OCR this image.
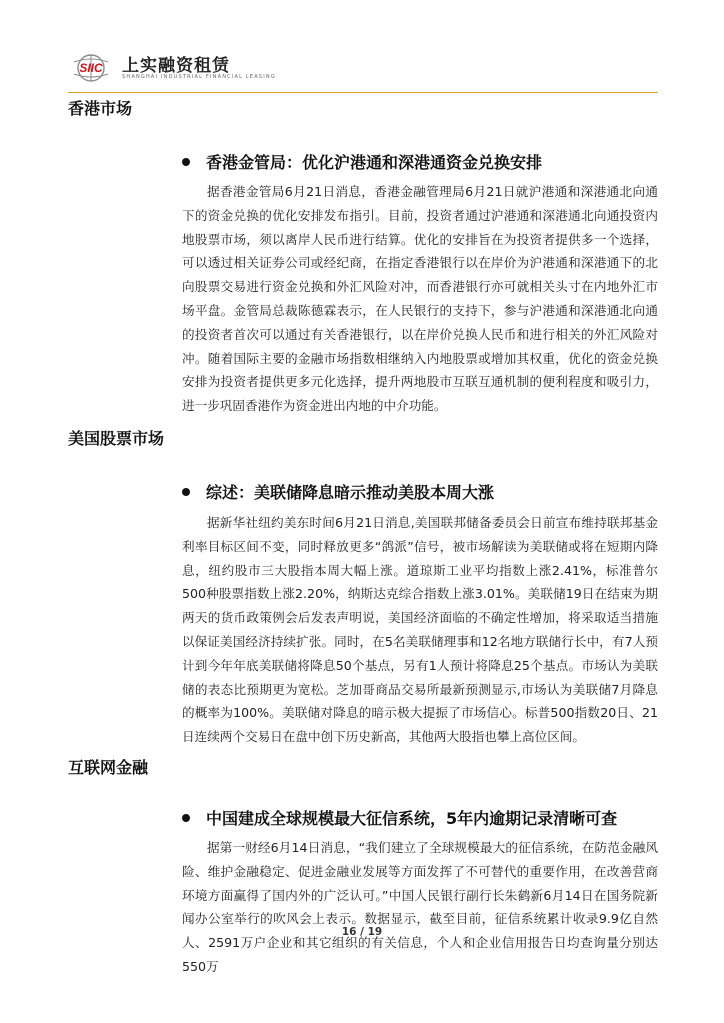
SIIC 上实融资租赁
SHANGHAI INDUSTRIAL FINANCIAL LEASING
香港市场
香港金管局：优化沪港通和深港通资金兑换安排

据香港金管局6月21日消息，香港金融管理局6月21日就沪港通和深港通北向通下的资金兑换的优化安排发布指引。目前，投资者通过沪港通和深港通北向通投资内地股票市场，须以离岸人民币进行结算。优化的安排旨在为投资者提供多一个选择，可以透过相关证券公司或经纪商，在指定香港银行以在岸价为沪港通和深港通下的北向股票交易进行资金兑换和外汇风险对冲，而香港银行亦可就相关头寸在内地外汇市场平盘。金管局总裁陈德霖表示，在人民银行的支持下，参与沪港通和深港通北向通的投资者首次可以通过有关香港银行，以在岸价兑换人民币和进行相关的外汇风险对冲。随着国际主要的金融市场指数相继纳入内地股票或增加其权重，优化的资金兑换安排为投资者提供更多元化选择，提升两地股市互联互通机制的便利程度和吸引力，进一步巩固香港作为资金进出内地的中介功能。

美国股票市场
综述：美联储降息暗示推动美股本周大涨

据新华社纽约美东时间6月21日消息,美国联邦储备委员会日前宣布维持联邦基金利率目标区间不变，同时释放更多“鸽派”信号，被市场解读为美联储或将在短期内降息，纽约股市三大股指本周大幅上涨。道琼斯工业平均指数上涨2.41%，标准普尔500种股票指数上涨2.20%，纳斯达克综合指数上涨3.01%。美联储19日在结束为期两天的货币政策例会后发表声明说，美国经济面临的不确定性增加，将采取适当措施以保证美国经济持续扩张。同时，在5名美联储理事和12名地方联储行长中，有7人预计到今年年底美联储将降息50个基点，另有1人预计将降息25个基点。市场认为美联储的表态比预期更为宽松。芝加哥商品交易所最新预测显示,市场认为美联储7月降息的概率为100%。美联储对降息的暗示极大提振了市场信心。标普500指数20日、21日连续两个交易日在盘中创下历史新高，其他两大股指也攀上高位区间。

互联网金融
中国建成全球规模最大征信系统，5年内逾期记录清晰可查

据第一财经6月14日消息，“我们建立了全球规模最大的征信系统，在防范金融风险、维护金融稳定、促进金融业发展等方面发挥了不可替代的重要作用，在改善营商环境方面赢得了国内外的广泛认可。”中国人民银行副行长朱鹤新6月14日在国务院新闻办公室举行的吹风会上表示。数据显示，截至目前，征信系统累计收录9.9亿自然人、2591万户企业和其它组织的有关信息，个人和企业信用报告日均查询量分别达550万

16 / 19
